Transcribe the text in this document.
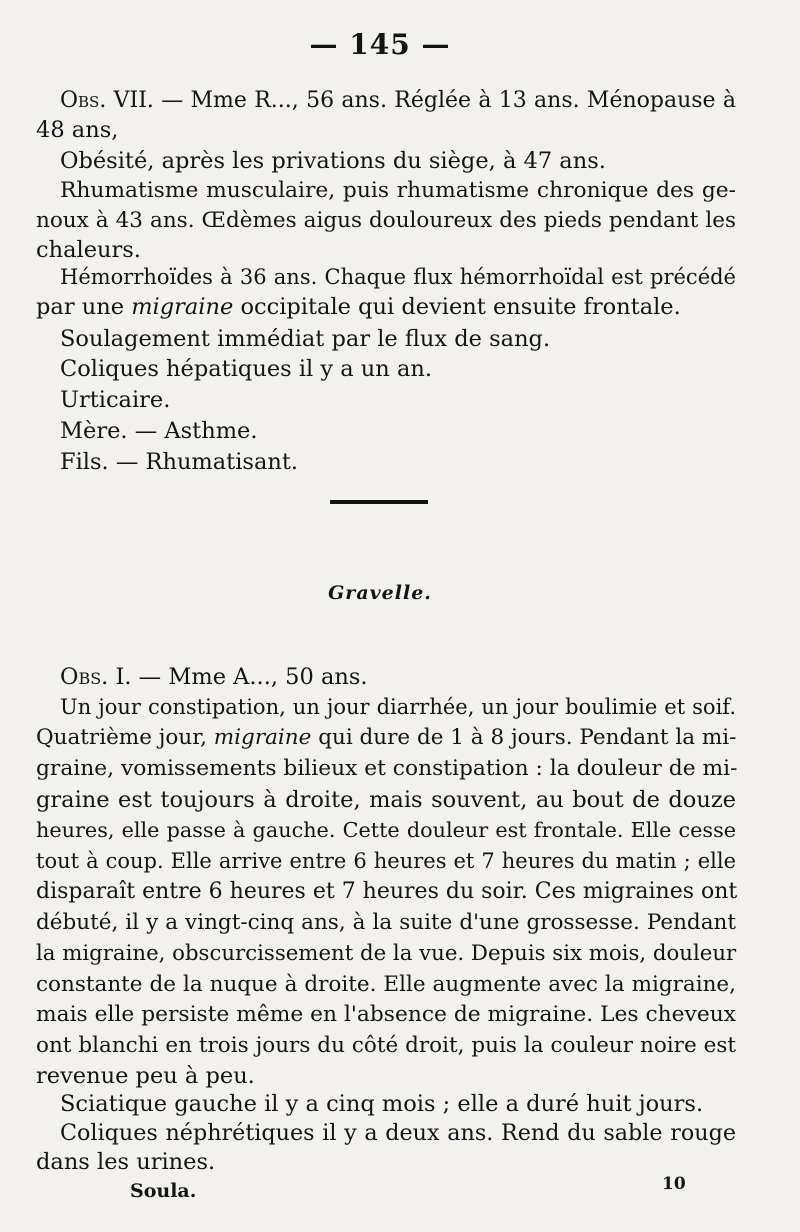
— 145 —
Obs. VII. — Mme R..., 56 ans. Réglée à 13 ans. Ménopause à
48 ans,
Obésité, après les privations du siège, à 47 ans.
Rhumatisme musculaire, puis rhumatisme chronique des ge-
noux à 43 ans. Œdèmes aigus douloureux des pieds pendant les
chaleurs.
Hémorrhoïdes à 36 ans. Chaque flux hémorrhoïdal est précédé
par une migraine occipitale qui devient ensuite frontale.
Soulagement immédiat par le flux de sang.
Coliques hépatiques il y a un an.
Urticaire.
Mère. — Asthme.
Fils. — Rhumatisant.
Gravelle.
Obs. I. — Mme A..., 50 ans.
Un jour constipation, un jour diarrhée, un jour boulimie et soif.
Quatrième jour, migraine qui dure de 1 à 8 jours. Pendant la mi-
graine, vomissements bilieux et constipation : la douleur de mi-
graine est toujours à droite, mais souvent, au bout de douze
heures, elle passe à gauche. Cette douleur est frontale. Elle cesse
tout à coup. Elle arrive entre 6 heures et 7 heures du matin ; elle
disparaît entre 6 heures et 7 heures du soir. Ces migraines ont
débuté, il y a vingt-cinq ans, à la suite d'une grossesse. Pendant
la migraine, obscurcissement de la vue. Depuis six mois, douleur
constante de la nuque à droite. Elle augmente avec la migraine,
mais elle persiste même en l'absence de migraine. Les cheveux
ont blanchi en trois jours du côté droit, puis la couleur noire est
revenue peu à peu.
Sciatique gauche il y a cinq mois ; elle a duré huit jours.
Coliques néphrétiques il y a deux ans. Rend du sable rouge
dans les urines.
Soula.	10
